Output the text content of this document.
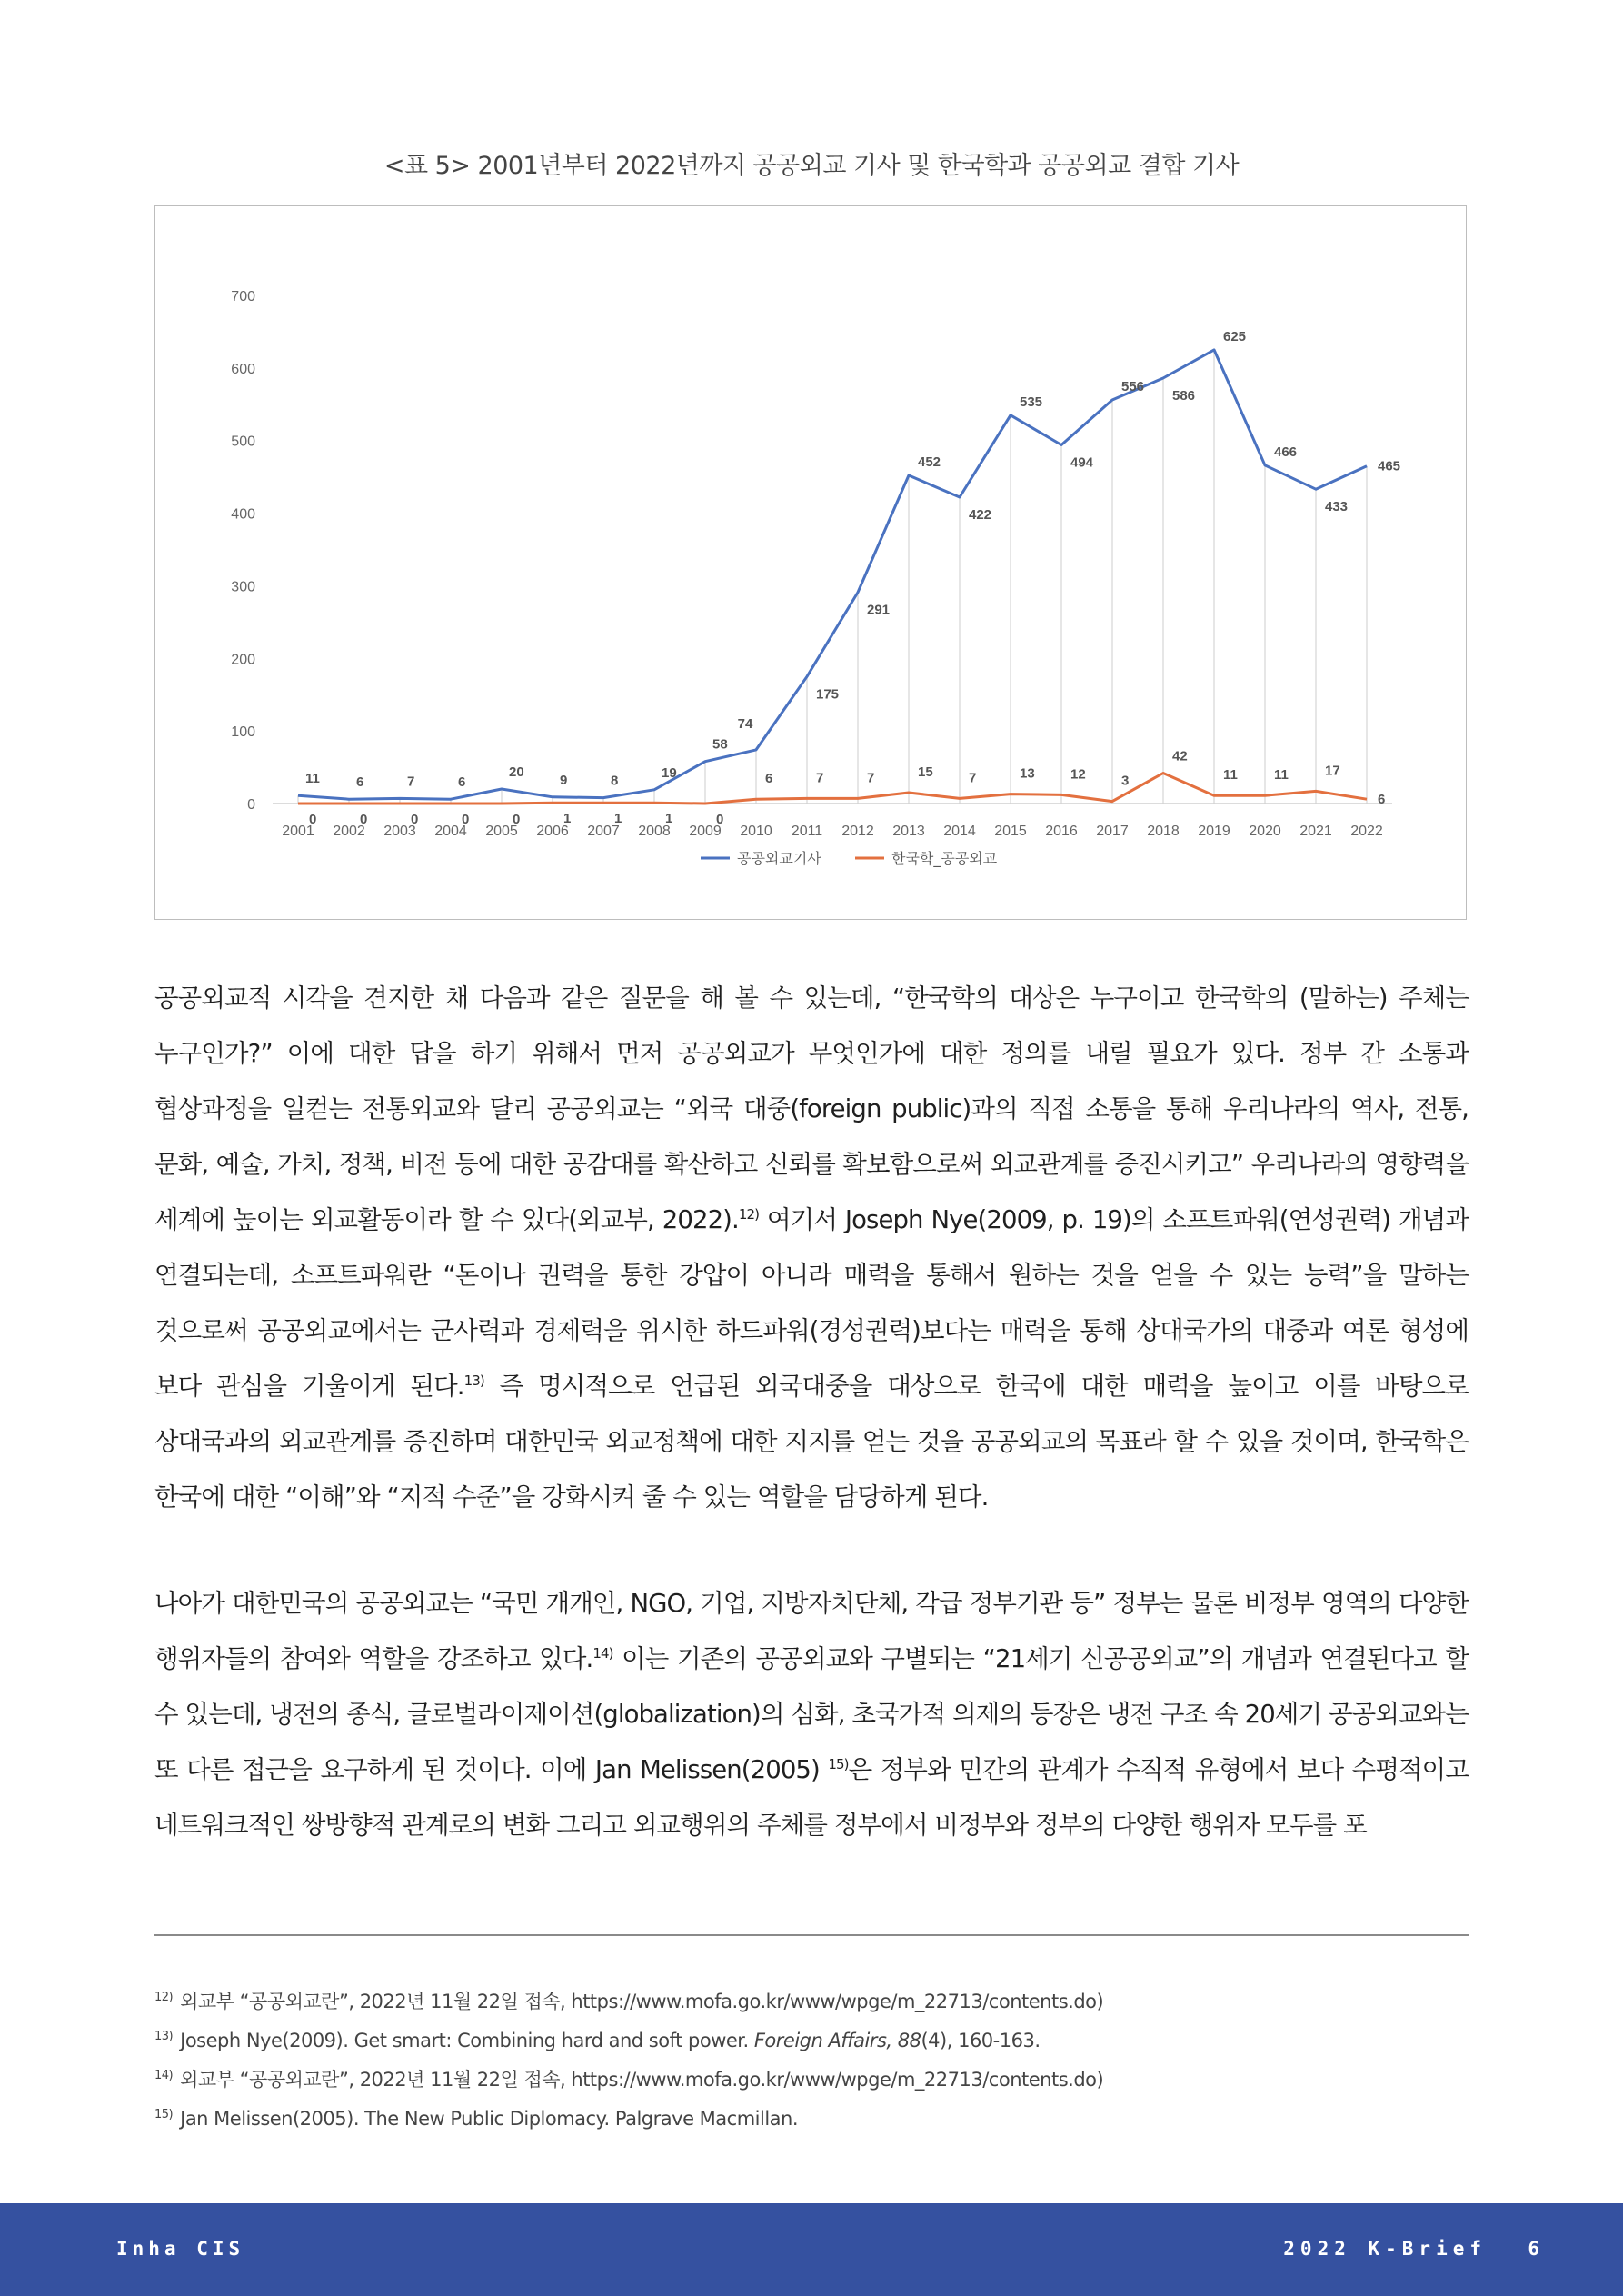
<표 5> 2001년부터 2022년까지 공공외교 기사 및 한국학과 공공외교 결합 기사
0
100
200
300
400
500
600
700
2001 2002 2003 2004 2005 2006 2007 2008 2009 2010 2011 2012 2013 2014 2015 2016 2017 2018 2019 2020 2021 2022
11	6	7	6
20
9	8
19
58
74
175
291
452
422
535
494
556
586
625
466
433
465
0	0	0	0	0	1	1	1	0
6	7	7	15	7	13	12	3
42
11	11	17
6
공공외교기사	한국학_공공외교

공공외교적 시각을 견지한 채 다음과 같은 질문을 해 볼 수 있는데, “한국학의 대상은 누구이고 한국학의 (말하는) 주체는 누구인가?” 이에 대한 답을 하기 위해서 먼저 공공외교가 무엇인가에 대한 정의를 내릴 필요가 있다. 정부 간 소통과 협상과정을 일컫는 전통외교와 달리 공공외교는 “외국 대중(foreign public)과의 직접 소통을 통해 우리나라의 역사, 전통, 문화, 예술, 가치, 정책, 비전 등에 대한 공감대를 확산하고 신뢰를 확보함으로써 외교관계를 증진시키고” 우리나라의 영향력을 세계에 높이는 외교활동이라 할 수 있다(외교부, 2022).$^{12)}$ 여기서 Joseph Nye(2009, p. 19)의 소프트파워(연성권력) 개념과 연결되는데, 소프트파워란 “돈이나 권력을 통한 강압이 아니라 매력을 통해서 원하는 것을 얻을 수 있는 능력”을 말하는 것으로써 공공외교에서는 군사력과 경제력을 위시한 하드파워(경성권력)보다는 매력을 통해 상대국가의 대중과 여론 형성에 보다 관심을 기울이게 된다.$^{13)}$ 즉 명시적으로 언급된 외국대중을 대상으로 한국에 대한 매력을 높이고 이를 바탕으로 상대국과의 외교관계를 증진하며 대한민국 외교정책에 대한 지지를 얻는 것을 공공외교의 목표라 할 수 있을 것이며, 한국학은 한국에 대한 “이해”와 “지적 수준”을 강화시켜 줄 수 있는 역할을 담당하게 된다.

나아가 대한민국의 공공외교는 “국민 개개인, NGO, 기업, 지방자치단체, 각급 정부기관 등” 정부는 물론 비정부 영역의 다양한 행위자들의 참여와 역할을 강조하고 있다.$^{14)}$ 이는 기존의 공공외교와 구별되는 “21세기 신공공외교”의 개념과 연결된다고 할 수 있는데, 냉전의 종식, 글로벌라이제이션(globalization)의 심화, 초국가적 의제의 등장은 냉전 구조 속 20세기 공공외교와는 또 다른 접근을 요구하게 된 것이다. 이에 Jan Melissen(2005) $^{15)}$은 정부와 민간의 관계가 수직적 유형에서 보다 수평적이고 네트워크적인 쌍방향적 관계로의 변화 그리고 외교행위의 주체를 정부에서 비정부와 정부의 다양한 행위자 모두를 포

$^{12)}$ 외교부 “공공외교란”, 2022년 11월 22일 접속, https://www.mofa.go.kr/www/wpge/m_22713/contents.do)
$^{13)}$ Joseph Nye(2009). Get smart: Combining hard and soft power. Foreign Affairs, 88(4), 160-163.
$^{14)}$ 외교부 “공공외교란”, 2022년 11월 22일 접속, https://www.mofa.go.kr/www/wpge/m_22713/contents.do)
$^{15)}$ Jan Melissen(2005). The New Public Diplomacy. Palgrave Macmillan.
Inha CIS	2022 K-Brief 6
